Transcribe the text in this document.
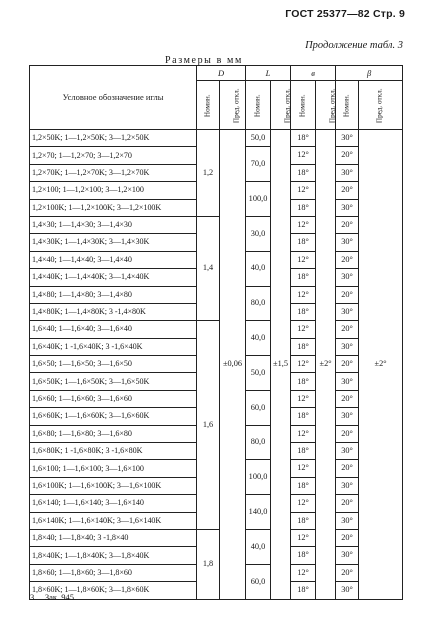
ГОСТ 25377—82 Стр. 9
Продолжение табл. 3
Размеры в мм
Условное обозначение иглы	D		L		в		β	
	Номин.	Пред. откл.	Номин.	Пред. откл.	Номин.	Пред. откл.	Номин.	Пред. откл.
1,2×50K; 1—1,2×50K; 3—1,2×50K	1,2	±0,06	50,0	±1,5	18°	±2°	30°	±2°
1,2×70; 1—1,2×70; 3—1,2×70			70,0		12°		20°	
1,2×70K; 1—1,2×70K; 3—1,2×70K					18°		30°	
1,2×100; 1—1,2×100; 3—1,2×100			100,0		12°		20°	
1,2×100K; 1—1,2×100K; 3—1,2×100K					18°		30°	
1,4×30; 1—1,4×30; 3—1,4×30	1,4		30,0		12°		20°	
1,4×30K; 1—1,4×30K; 3—1,4×30K					18°		30°	
1,4×40; 1—1,4×40; 3—1,4×40			40,0		12°		20°	
1,4×40K; 1—1,4×40K; 3—1,4×40K					18°		30°	
1,4×80; 1—1,4×80; 3—1,4×80			80,0		12°		20°	
1,4×80K; 1—1,4×80K; 3 -1,4×80K					18°		30°	
1,6×40; 1—1,6×40; 3—1,6×40	1,6		40,0		12°		20°	
1,6×40K; 1 -1,6×40K; 3 -1,6×40K					18°		30°	
1,6×50; 1—1,6×50; 3—1,6×50			50,0		12°		20°	
1,6×50K; 1—1,6×50K; 3—1,6×50K					18°		30°	
1,6×60; 1—1,6×60; 3—1,6×60			60,0		12°		20°	
1,6×60K; 1—1,6×60K; 3—1,6×60K					18°		30°	
1,6×80; 1—1,6×80; 3—1,6×80			80,0		12°		20°	
1,6×80K; 1 -1,6×80K; 3 -1,6×80K					18°		30°	
1,6×100; 1—1,6×100; 3—1,6×100			100,0		12°		20°	
1,6×100K; 1—1,6×100K; 3—1,6×100K					18°		30°	
1,6×140; 1—1,6×140; 3—1,6×140			140,0		12°		20°	
1,6×140K; 1—1,6×140K; 3—1,6×140K					18°		30°	
1,8×40; 1—1,8×40; 3 -1,8×40	1,8		40,0		12°		20°	
1,8×40K; 1—1,8×40K; 3—1,8×40K					18°		30°	
1,8×60; 1—1,8×60; 3—1,8×60			60,0		12°		20°	
1,8×60K; 1—1,8×60K; 3—1,8×60K					18°		30°	
3 Зак. 945
